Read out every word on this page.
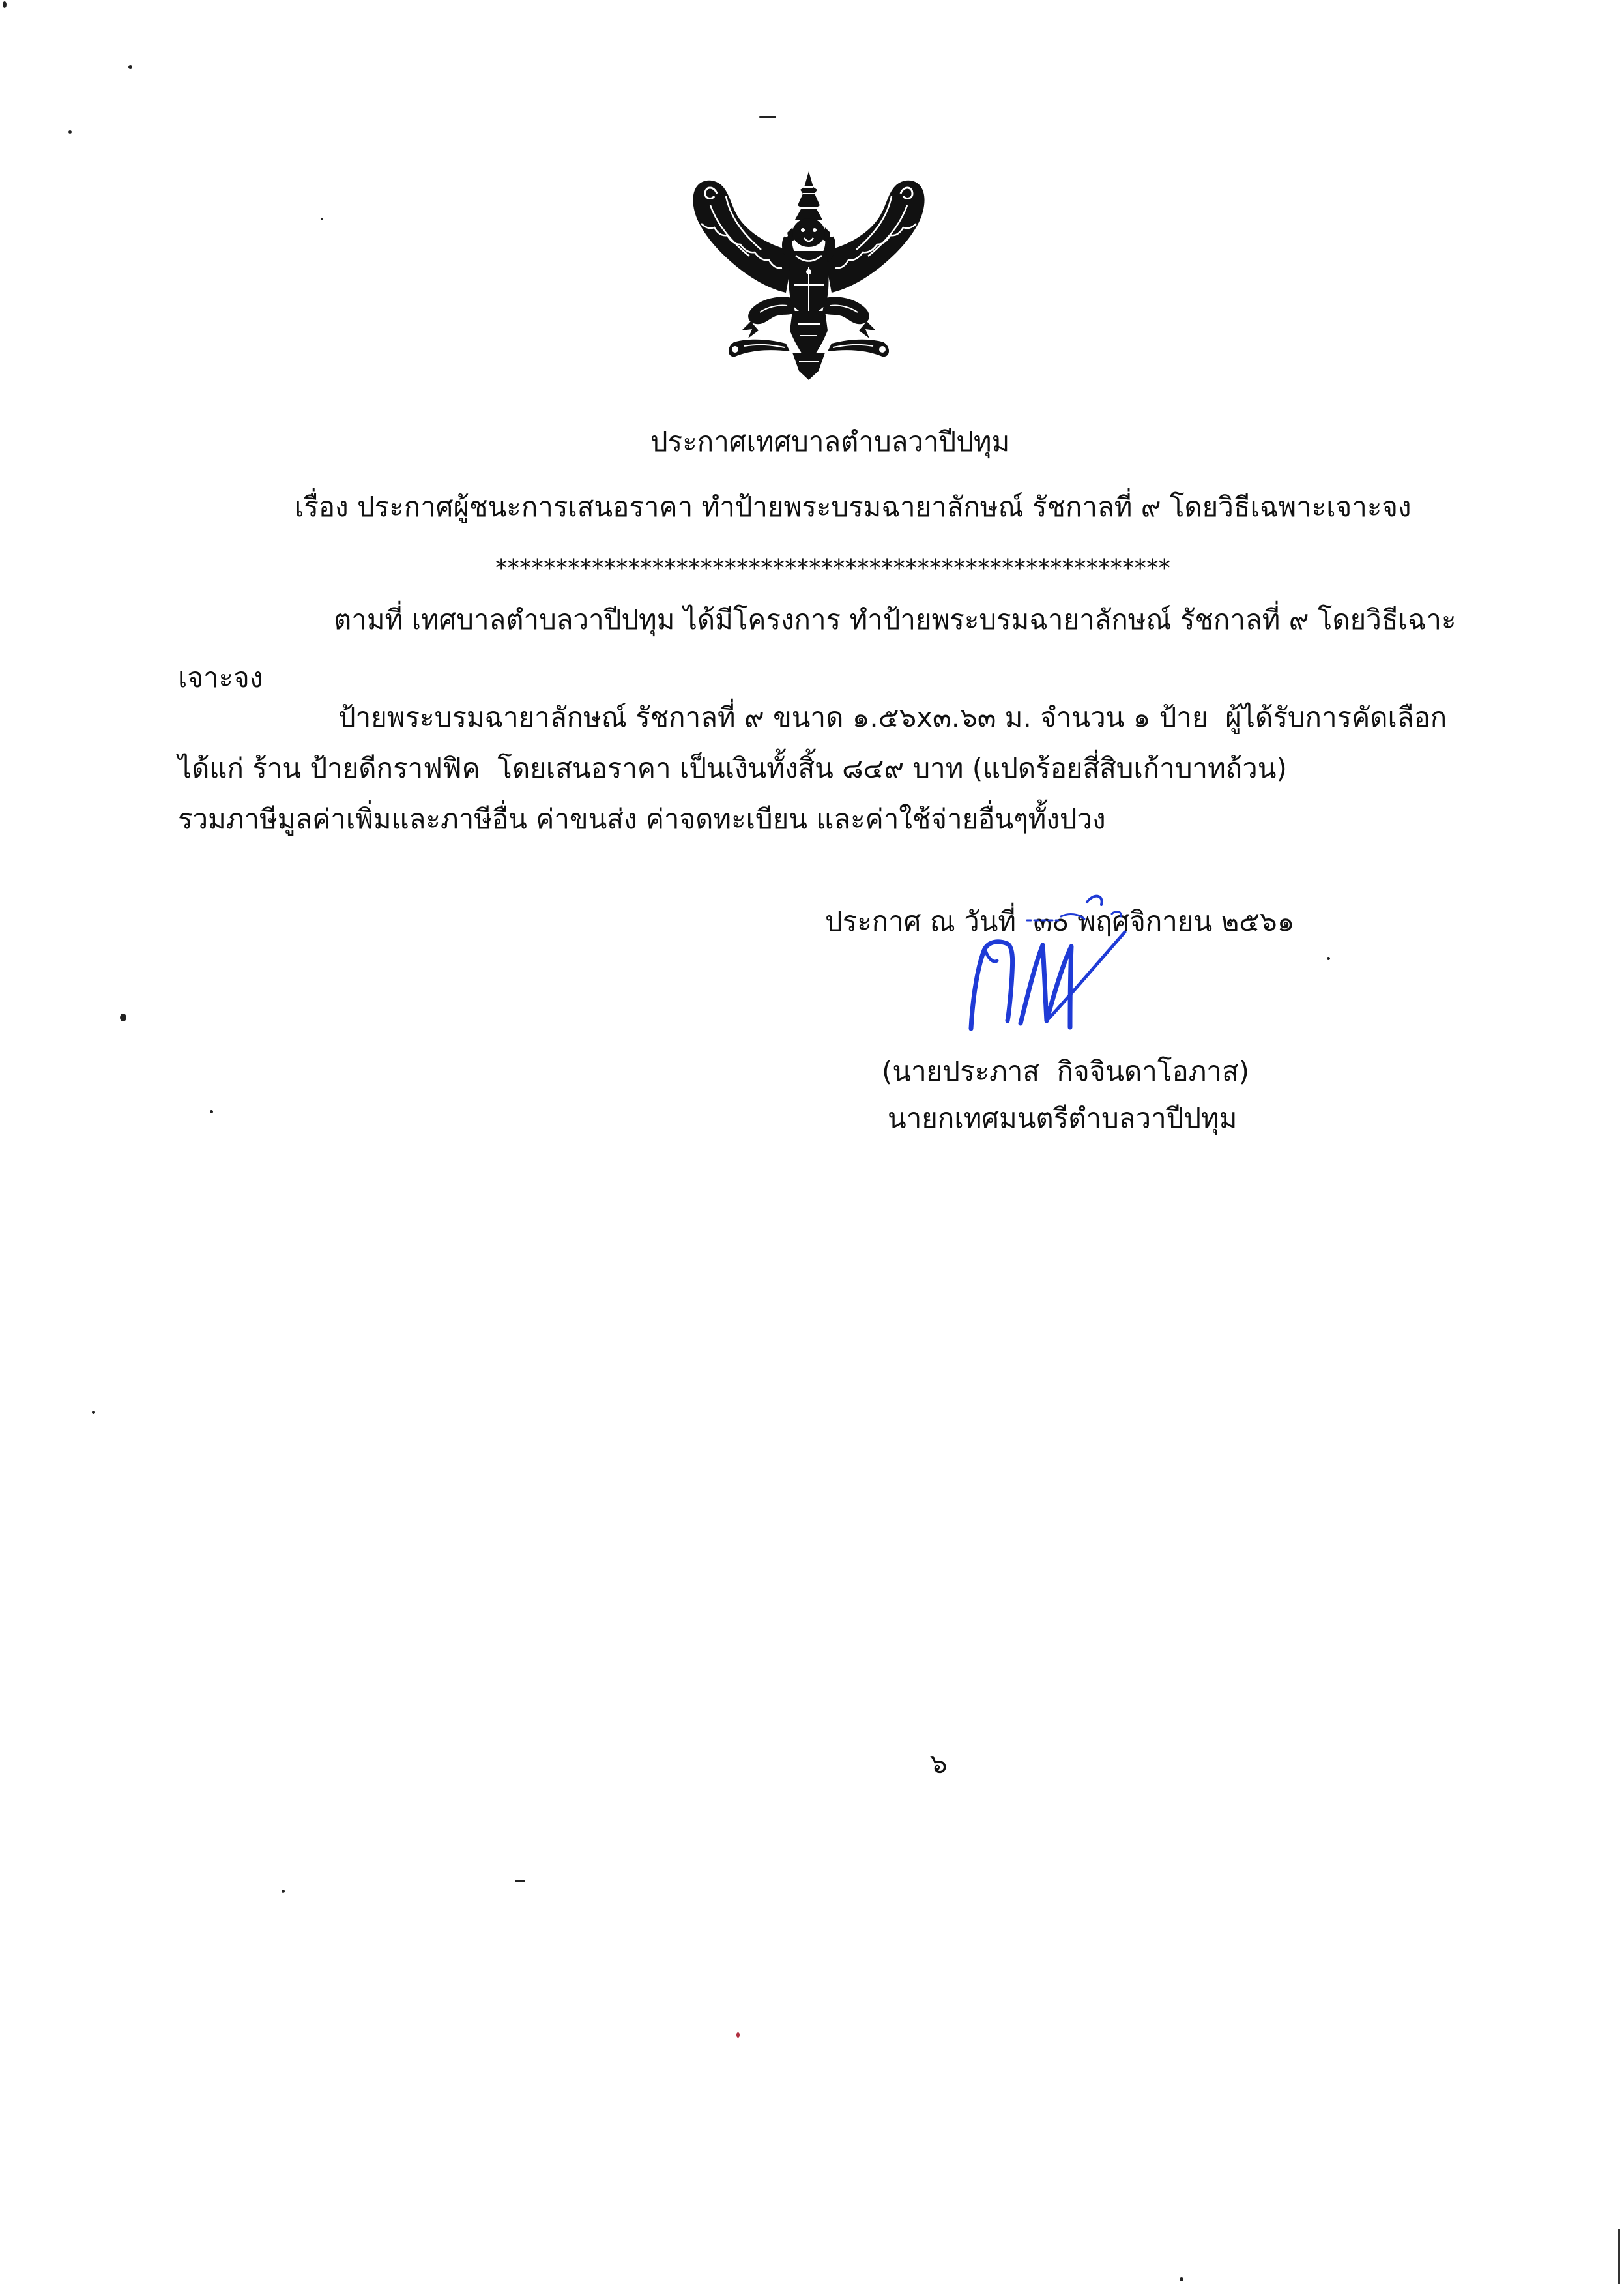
ประกาศเทศบาลตำบลวาปีปทุม
เรื่อง ประกาศผู้ชนะการเสนอราคา ทำป้ายพระบรมฉายาลักษณ์ รัชกาลที่ ๙ โดยวิธีเฉพาะเจาะจง
********************************************************
ตามที่ เทศบาลตำบลวาปีปทุม ได้มีโครงการ ทำป้ายพระบรมฉายาลักษณ์ รัชกาลที่ ๙ โดยวิธีเฉาะ
เจาะจง
ป้ายพระบรมฉายาลักษณ์ รัชกาลที่ ๙ ขนาด ๑.๕๖x๓.๖๓ ม. จำนวน ๑ ป้าย  ผู้ได้รับการคัดเลือก
ได้แก่ ร้าน ป้ายดีกราฟฟิค  โดยเสนอราคา เป็นเงินทั้งสิ้น ๘๔๙ บาท (แปดร้อยสี่สิบเก้าบาทถ้วน)
รวมภาษีมูลค่าเพิ่มและภาษีอื่น ค่าขนส่ง ค่าจดทะเบียน และค่าใช้จ่ายอื่นๆทั้งปวง
ประกาศ ณ วันที่  ๓๐ พฤศจิกายน ๒๕๖๑
(นายประภาส  กิจจินดาโอภาส)
นายกเทศมนตรีตำบลวาปีปทุม
๖
